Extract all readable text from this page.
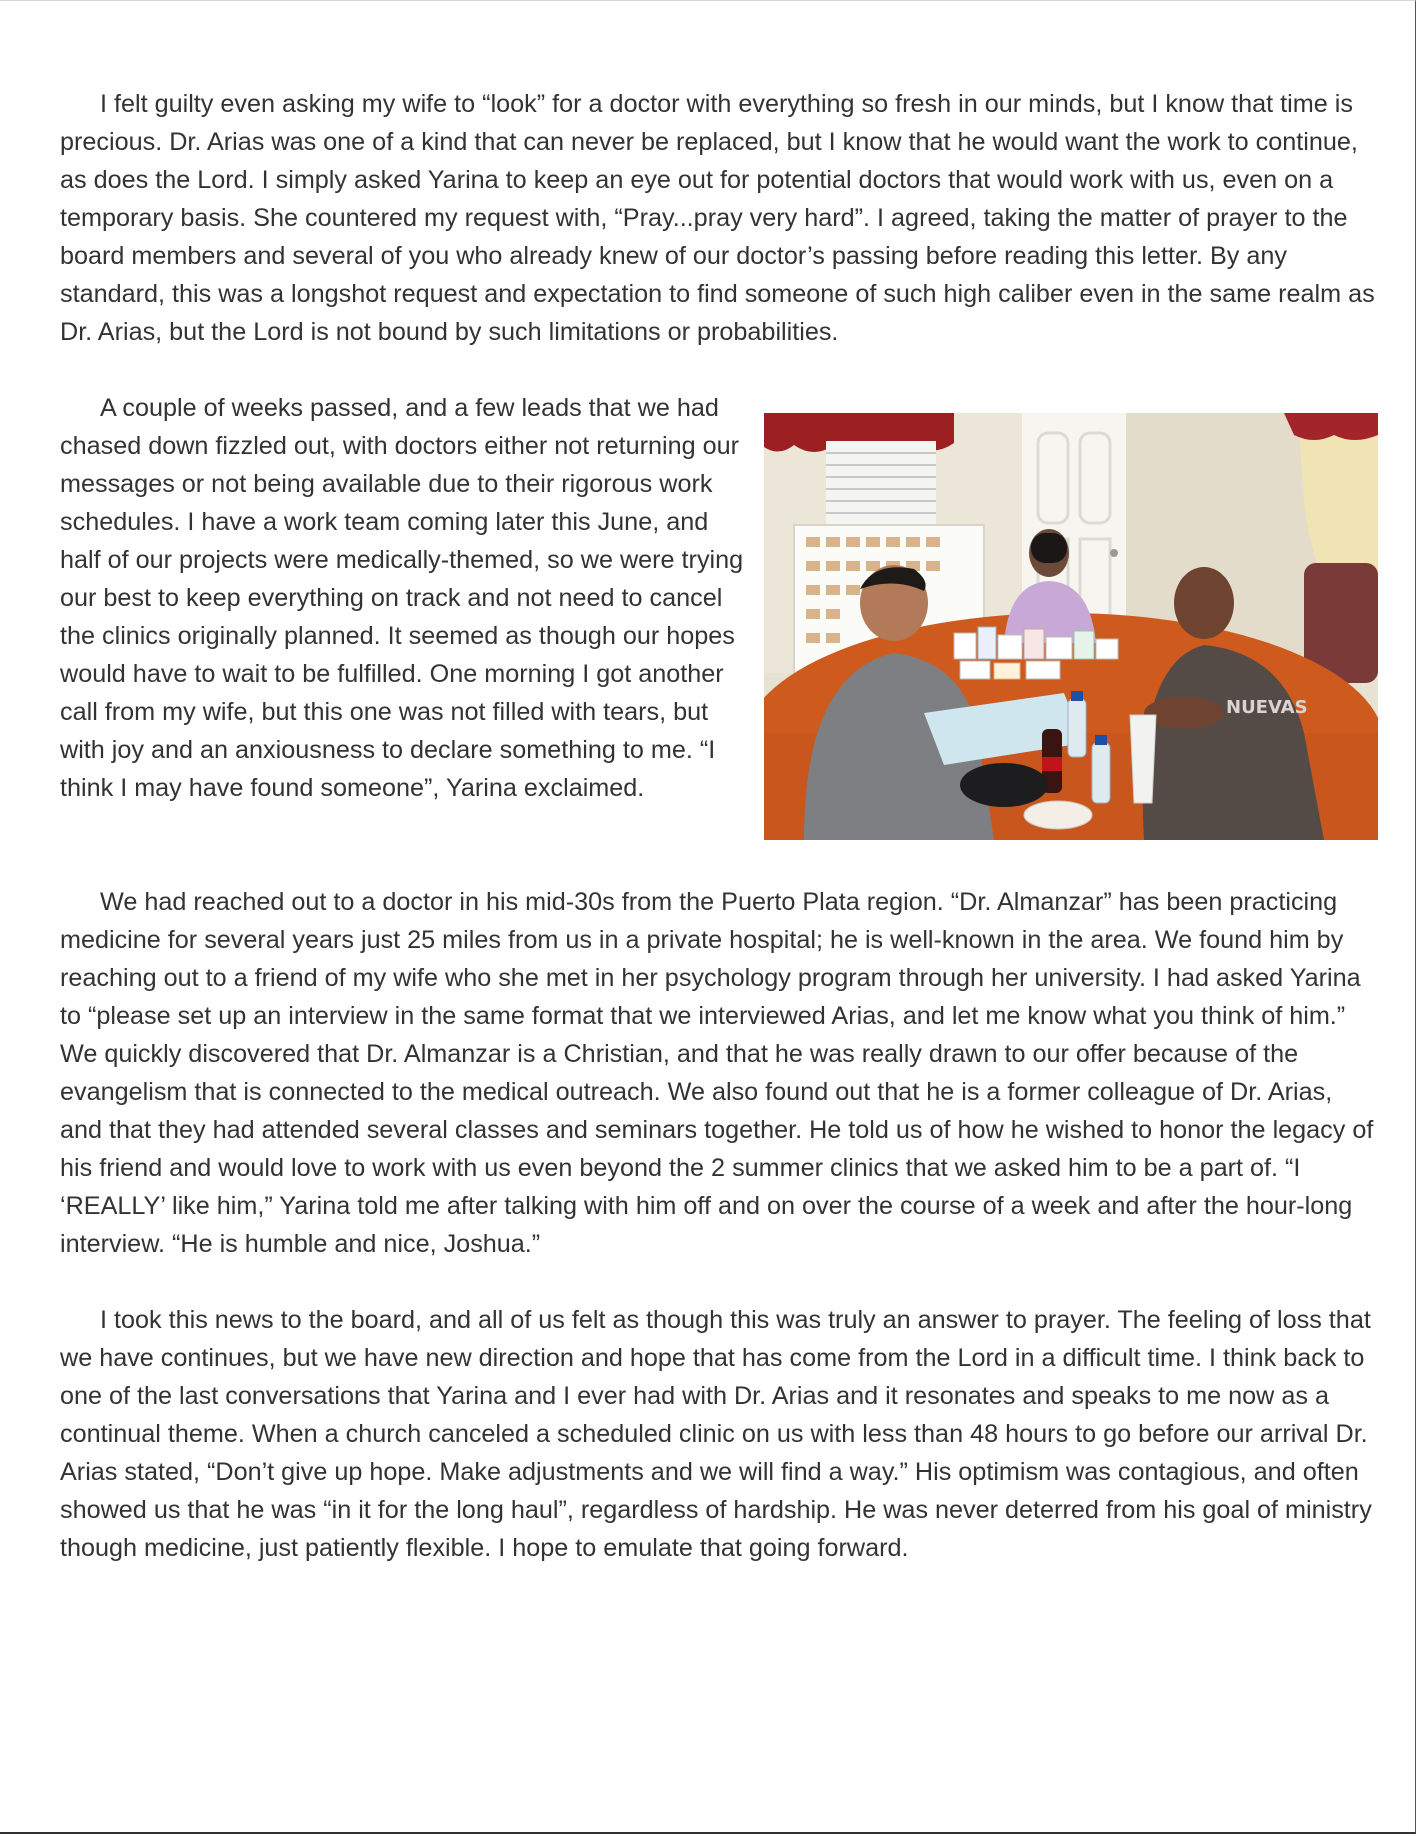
I felt guilty even asking my wife to “look” for a doctor with everything so fresh in our minds, but I know that time is precious. Dr. Arias was one of a kind that can never be replaced, but I know that he would want the work to continue, as does the Lord. I simply asked Yarina to keep an eye out for potential doctors that would work with us, even on a temporary basis. She countered my request with, “Pray...pray very hard”. I agreed, taking the matter of prayer to the board members and several of you who already knew of our doctor’s passing before reading this letter. By any standard, this was a longshot request and expectation to find someone of such high caliber even in the same realm as Dr. Arias, but the Lord is not bound by such limitations or probabilities.

NUEVAS

A couple of weeks passed, and a few leads that we had chased down fizzled out, with doctors either not returning our messages or not being available due to their rigorous work schedules. I have a work team coming later this June, and half of our projects were medically-themed, so we were trying our best to keep everything on track and not need to cancel the clinics originally planned. It seemed as though our hopes would have to wait to be fulfilled. One morning I got another call from my wife, but this one was not filled with tears, but with joy and an anxiousness to declare something to me. “I think I may have found someone”, Yarina exclaimed.

We had reached out to a doctor in his mid-30s from the Puerto Plata region. “Dr. Almanzar” has been practicing medicine for several years just 25 miles from us in a private hospital; he is well-known in the area. We found him by reaching out to a friend of my wife who she met in her psychology program through her university. I had asked Yarina to “please set up an interview in the same format that we interviewed Arias, and let me know what you think of him.” We quickly discovered that Dr. Almanzar is a Christian, and that he was really drawn to our offer because of the evangelism that is connected to the medical outreach. We also found out that he is a former colleague of Dr. Arias, and that they had attended several classes and seminars together. He told us of how he wished to honor the legacy of his friend and would love to work with us even beyond the 2 summer clinics that we asked him to be a part of. “I ‘REALLY’ like him,” Yarina told me after talking with him off and on over the course of a week and after the hour-long interview. “He is humble and nice, Joshua.”

I took this news to the board, and all of us felt as though this was truly an answer to prayer. The feeling of loss that we have continues, but we have new direction and hope that has come from the Lord in a difficult time. I think back to one of the last conversations that Yarina and I ever had with Dr. Arias and it resonates and speaks to me now as a continual theme. When a church canceled a scheduled clinic on us with less than 48 hours to go before our arrival Dr. Arias stated, “Don’t give up hope. Make adjustments and we will find a way.” His optimism was contagious, and often showed us that he was “in it for the long haul”, regardless of hardship. He was never deterred from his goal of ministry though medicine, just patiently flexible. I hope to emulate that going forward.
